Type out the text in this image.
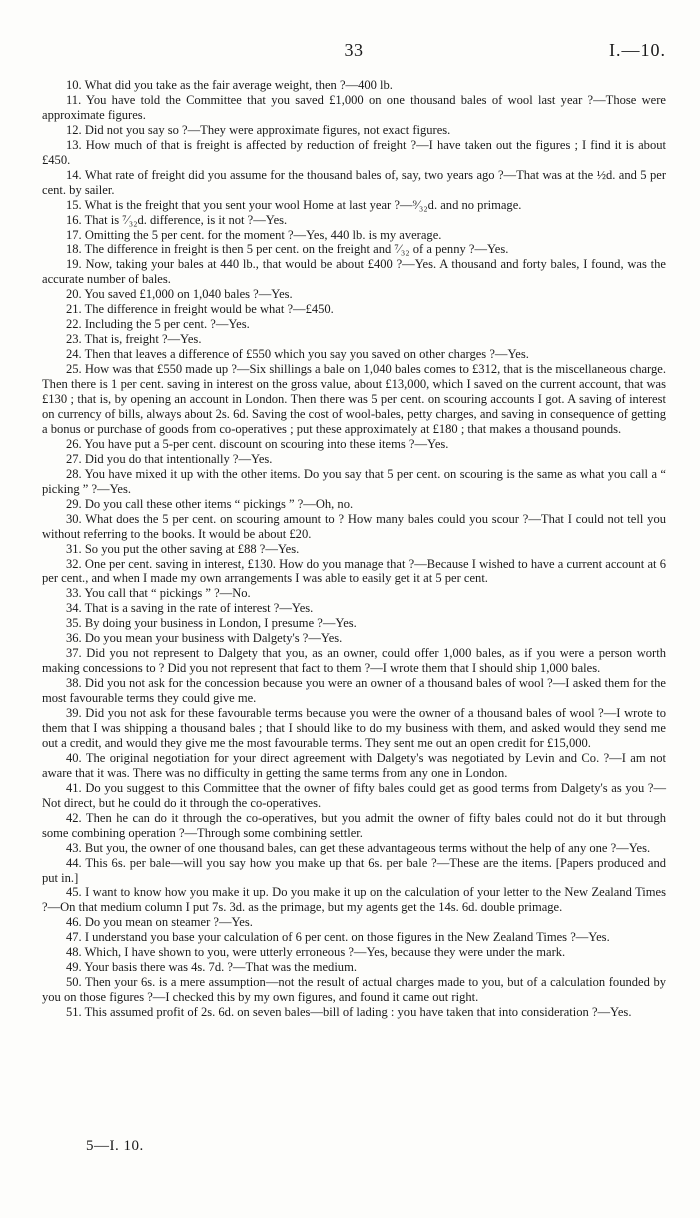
33	I.—10.

10. What did you take as the fair average weight, then ?—400 lb.

11. You have told the Committee that you saved £1,000 on one thousand bales of wool last year ?—Those were approximate figures.

12. Did not you say so ?—They were approximate figures, not exact figures.

13. How much of that is freight is affected by reduction of freight ?—I have taken out the figures ; I find it is about £450.

14. What rate of freight did you assume for the thousand bales of, say, two years ago ?—That was at the ½d. and 5 per cent. by sailer.

15. What is the freight that you sent your wool Home at last year ?—⁹⁄₃₂d. and no primage.

16. That is ⁷⁄₃₂d. difference, is it not ?—Yes.

17. Omitting the 5 per cent. for the moment ?—Yes, 440 lb. is my average.

18. The difference in freight is then 5 per cent. on the freight and ⁷⁄₃₂ of a penny ?—Yes.

19. Now, taking your bales at 440 lb., that would be about £400 ?—Yes. A thousand and forty bales, I found, was the accurate number of bales.

20. You saved £1,000 on 1,040 bales ?—Yes.

21. The difference in freight would be what ?—£450.

22. Including the 5 per cent. ?—Yes.

23. That is, freight ?—Yes.

24. Then that leaves a difference of £550 which you say you saved on other charges ?—Yes.

25. How was that £550 made up ?—Six shillings a bale on 1,040 bales comes to £312, that is the miscellaneous charge. Then there is 1 per cent. saving in interest on the gross value, about £13,000, which I saved on the current account, that was £130 ; that is, by opening an account in London. Then there was 5 per cent. on scouring accounts I got. A saving of interest on currency of bills, always about 2s. 6d. Saving the cost of wool-bales, petty charges, and saving in consequence of getting a bonus or purchase of goods from co-operatives ; put these approximately at £180 ; that makes a thousand pounds.

26. You have put a 5-per cent. discount on scouring into these items ?—Yes.

27. Did you do that intentionally ?—Yes.

28. You have mixed it up with the other items. Do you say that 5 per cent. on scouring is the same as what you call a “ picking ” ?—Yes.

29. Do you call these other items “ pickings ” ?—Oh, no.

30. What does the 5 per cent. on scouring amount to ? How many bales could you scour ?—That I could not tell you without referring to the books. It would be about £20.

31. So you put the other saving at £88 ?—Yes.

32. One per cent. saving in interest, £130. How do you manage that ?—Because I wished to have a current account at 6 per cent., and when I made my own arrangements I was able to easily get it at 5 per cent.

33. You call that “ pickings ” ?—No.

34. That is a saving in the rate of interest ?—Yes.

35. By doing your business in London, I presume ?—Yes.

36. Do you mean your business with Dalgety's ?—Yes.

37. Did you not represent to Dalgety that you, as an owner, could offer 1,000 bales, as if you were a person worth making concessions to ? Did you not represent that fact to them ?—I wrote them that I should ship 1,000 bales.

38. Did you not ask for the concession because you were an owner of a thousand bales of wool ?—I asked them for the most favourable terms they could give me.

39. Did you not ask for these favourable terms because you were the owner of a thousand bales of wool ?—I wrote to them that I was shipping a thousand bales ; that I should like to do my business with them, and asked would they send me out a credit, and would they give me the most favourable terms. They sent me out an open credit for £15,000.

40. The original negotiation for your direct agreement with Dalgety's was negotiated by Levin and Co. ?—I am not aware that it was. There was no difficulty in getting the same terms from any one in London.

41. Do you suggest to this Committee that the owner of fifty bales could get as good terms from Dalgety's as you ?—Not direct, but he could do it through the co-operatives.

42. Then he can do it through the co-operatives, but you admit the owner of fifty bales could not do it but through some combining operation ?—Through some combining settler.

43. But you, the owner of one thousand bales, can get these advantageous terms without the help of any one ?—Yes.

44. This 6s. per bale—will you say how you make up that 6s. per bale ?—These are the items. [Papers produced and put in.]

45. I want to know how you make it up. Do you make it up on the calculation of your letter to the New Zealand Times ?—On that medium column I put 7s. 3d. as the primage, but my agents get the 14s. 6d. double primage.

46. Do you mean on steamer ?—Yes.

47. I understand you base your calculation of 6 per cent. on those figures in the New Zealand Times ?—Yes.

48. Which, I have shown to you, were utterly erroneous ?—Yes, because they were under the mark.

49. Your basis there was 4s. 7d. ?—That was the medium.

50. Then your 6s. is a mere assumption—not the result of actual charges made to you, but of a calculation founded by you on those figures ?—I checked this by my own figures, and found it came out right.

51. This assumed profit of 2s. 6d. on seven bales—bill of lading : you have taken that into consideration ?—Yes.

5—I. 10.
